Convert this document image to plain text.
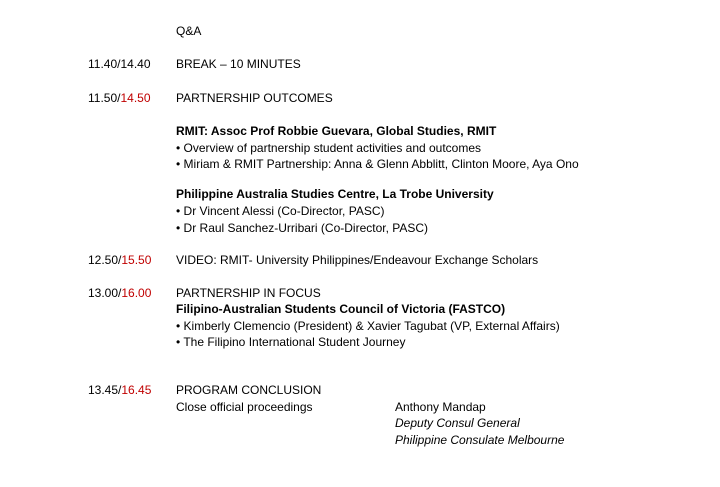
Q&A
11.40/14.40 BREAK – 10 MINUTES
11.50/14.50 PARTNERSHIP OUTCOMES
RMIT: Assoc Prof Robbie Guevara, Global Studies, RMIT
• Overview of partnership student activities and outcomes
• Miriam & RMIT Partnership: Anna & Glenn Abblitt, Clinton Moore, Aya Ono
Philippine Australia Studies Centre, La Trobe University
• Dr Vincent Alessi (Co-Director, PASC)
• Dr Raul Sanchez-Urribari (Co-Director, PASC)
12.50/15.50 VIDEO: RMIT- University Philippines/Endeavour Exchange Scholars
13.00/16.00 PARTNERSHIP IN FOCUS
Filipino-Australian Students Council of Victoria (FASTCO)
• Kimberly Clemencio (President) & Xavier Tagubat (VP, External Affairs)
• The Filipino International Student Journey
13.45/16.45 PROGRAM CONCLUSION
Close official proceedings	Anthony Mandap
Deputy Consul General
Philippine Consulate Melbourne
